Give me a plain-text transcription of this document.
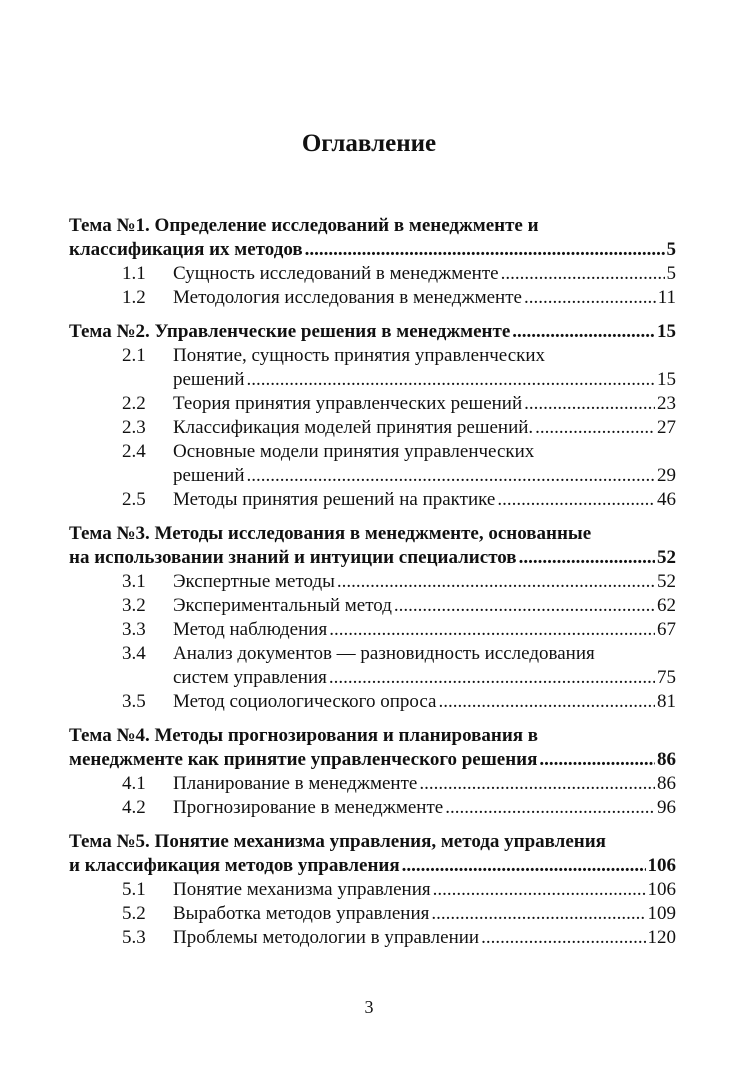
Оглавление
Тема №1. Определение исследований в менеджменте и
классификация их методов .....	5
1.1	Сущность исследований в менеджменте .....	5
1.2	Методология исследования в менеджменте .....	11
Тема №2. Управленческие решения в менеджменте .....	15
2.1	Понятие, сущность принятия управленческих
решений .....	15
2.2	Теория принятия управленческих решений .....	23
2.3	Классификация моделей принятия решений. .....	27
2.4	Основные модели принятия управленческих
решений .....	29
2.5	Методы принятия решений на практике .....	46
Тема №3. Методы исследования в менеджменте, основанные
на использовании знаний и интуиции специалистов .....	52
3.1	Экспертные методы .....	52
3.2	Экспериментальный метод .....	62
3.3	Метод наблюдения .....	67
3.4	Анализ документов — разновидность исследования
систем управления .....	75
3.5	Метод социологического опроса .....	81
Тема №4. Методы прогнозирования и планирования в
менеджменте как принятие управленческого решения .....	86
4.1	Планирование в менеджменте .....	86
4.2	Прогнозирование в менеджменте .....	96
Тема №5. Понятие механизма управления, метода управления
и классификация методов управления .....	106
5.1	Понятие механизма управления .....	106
5.2	Выработка методов управления .....	109
5.3	Проблемы методологии в управлении .....	120
3
